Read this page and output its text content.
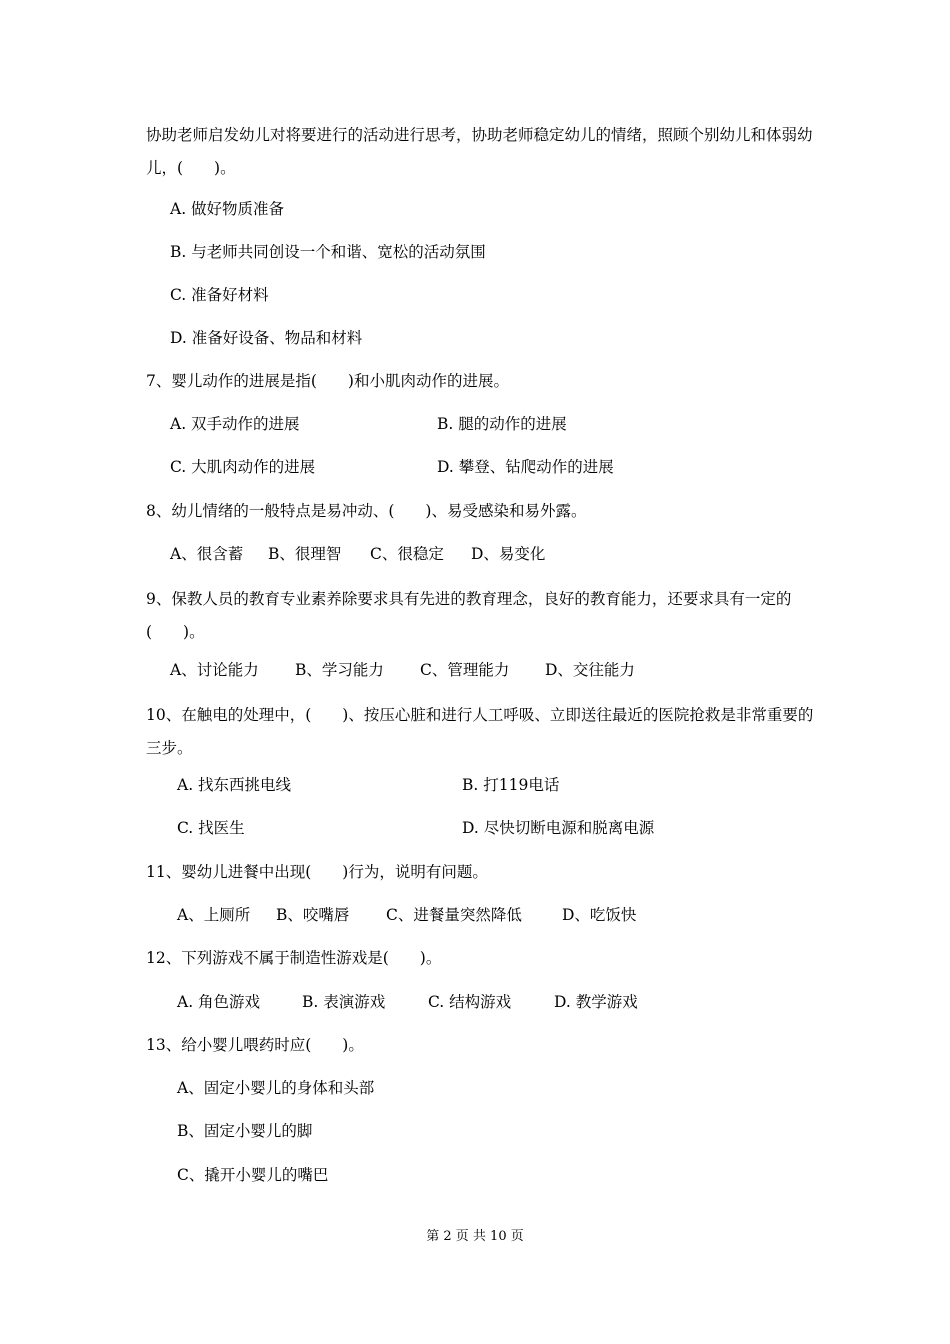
协助老师启发幼儿对将要进行的活动进行思考，协助老师稳定幼儿的情绪，照顾个别幼儿和体弱幼儿，(　　)。
A. 做好物质准备
B. 与老师共同创设一个和谐、宽松的活动氛围
C. 准备好材料
D. 准备好设备、物品和材料
7、婴儿动作的进展是指(　　)和小肌肉动作的进展。
A. 双手动作的进展	B. 腿的动作的进展
C. 大肌肉动作的进展	D. 攀登、钻爬动作的进展
8、幼儿情绪的一般特点是易冲动、(　　)、易受感染和易外露。
A、很含蓄 B、很理智 C、很稳定 D、易变化
9、保教人员的教育专业素养除要求具有先进的教育理念，良好的教育能力，还要求具有一定的(　　)。
A、讨论能力 B、学习能力 C、管理能力 D、交往能力
10、在触电的处理中，(　　)、按压心脏和进行人工呼吸、立即送往最近的医院抢救是非常重要的三步。
A. 找东西挑电线	B. 打119电话
C. 找医生	D. 尽快切断电源和脱离电源
11、婴幼儿进餐中出现(　　)行为，说明有问题。
A、上厕所 B、咬嘴唇 C、进餐量突然降低	D、吃饭快
12、下列游戏不属于制造性游戏是(　　)。
A. 角色游戏	B. 表演游戏	C. 结构游戏	D. 教学游戏
13、给小婴儿喂药时应(　　)。
A、固定小婴儿的身体和头部
B、固定小婴儿的脚
C、撬开小婴儿的嘴巴
第 2 页 共 10 页
